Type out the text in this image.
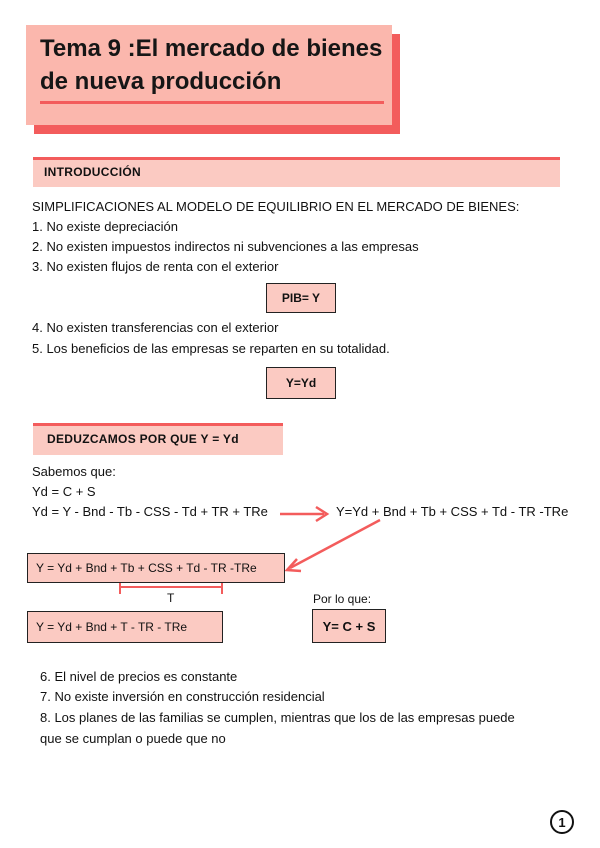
Tema 9 :El mercado de bienes de nueva producción
INTRODUCCIÓN
SIMPLIFICACIONES AL MODELO DE EQUILIBRIO EN EL MERCADO DE BIENES:
1. No existe depreciación
2. No existen impuestos indirectos ni subvenciones a las empresas
3. No existen flujos de renta con el exterior
PIB= Y
4. No existen transferencias con el exterior
5. Los beneficios de las empresas se reparten en su totalidad.
Y=Yd
DEDUZCAMOS POR QUE Y = Yd
Sabemos que:
Yd = C + S
Yd = Y - Bnd - Tb - CSS - Td + TR + TRe	Y=Yd + Bnd + Tb + CSS + Td - TR -TRe
Y = Yd + Bnd + Tb + CSS + Td - TR -TRe
T
Y = Yd + Bnd + T - TR - TRe
Por lo que:
Y= C + S
6. El nivel de precios es constante
7. No existe inversión en construcción residencial
8. Los planes de las familias se cumplen, mientras que los de las empresas puede
que se cumplan o puede que no
1
